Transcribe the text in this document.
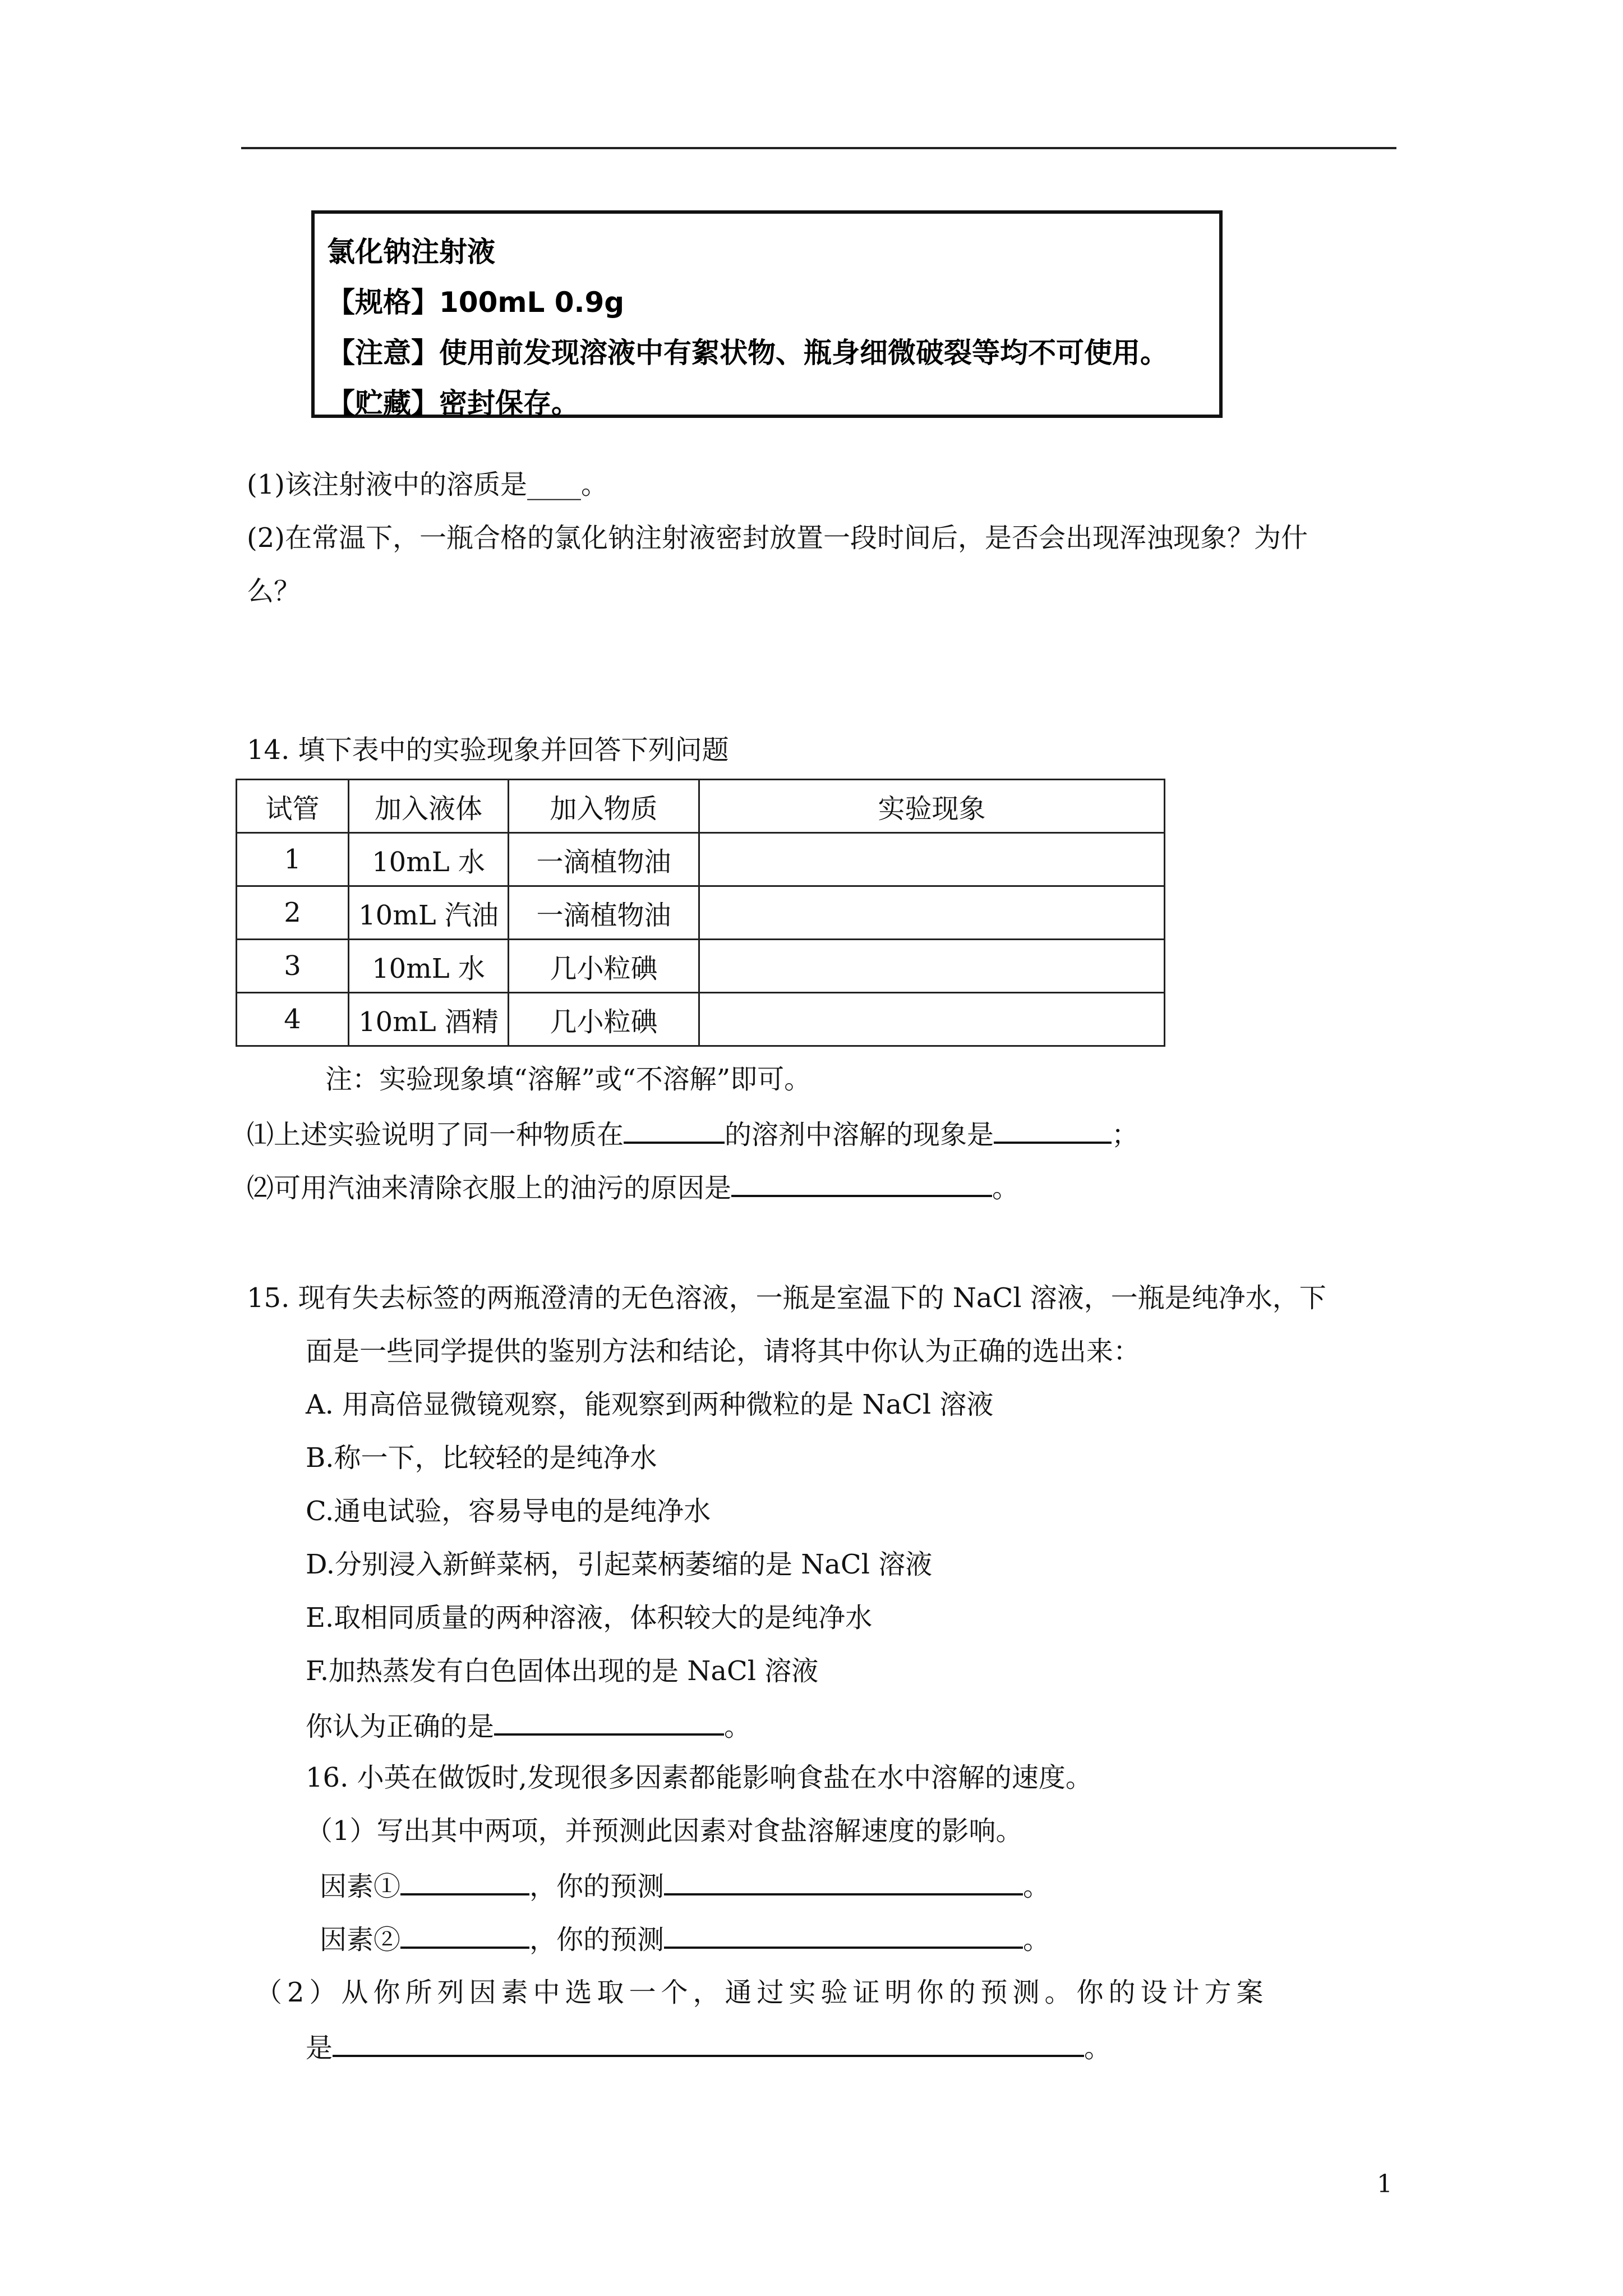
氯化钠注射液
【规格】100mL 0.9g
【注意】使用前发现溶液中有絮状物、瓶身细微破裂等均不可使用。
【贮藏】密封保存。
(1)该注射液中的溶质是____。
(2)在常温下，一瓶合格的氯化钠注射液密封放置一段时间后，是否会出现浑浊现象？为什
么？
14. 填下表中的实验现象并回答下列问题
试管	加入液体	加入物质	实验现象
1	10mL 水	一滴植物油	
2	10mL 汽油	一滴植物油	
3	10mL 水	几小粒碘	
4	10mL 酒精	几小粒碘	
注：实验现象填“溶解”或“不溶解”即可。
⑴上述实验说明了同一种物质在	的溶剂中溶解的现象是	；
⑵可用汽油来清除衣服上的油污的原因是	。
15. 现有失去标签的两瓶澄清的无色溶液，一瓶是室温下的 NaCl 溶液，一瓶是纯净水，下
面是一些同学提供的鉴别方法和结论，请将其中你认为正确的选出来：
A. 用高倍显微镜观察，能观察到两种微粒的是 NaCl 溶液
B.称一下，比较轻的是纯净水
C.通电试验，容易导电的是纯净水
D.分别浸入新鲜菜柄，引起菜柄萎缩的是 NaCl 溶液
E.取相同质量的两种溶液，体积较大的是纯净水
F.加热蒸发有白色固体出现的是 NaCl 溶液
你认为正确的是	。
16. 小英在做饭时,发现很多因素都能影响食盐在水中溶解的速度。
（1）写出其中两项，并预测此因素对食盐溶解速度的影响。
因素①	，你的预测	。
因素②	，你的预测	。
（2）从你所列因素中选取一个，通过实验证明你的预测。你的设计方案
是	。
1
